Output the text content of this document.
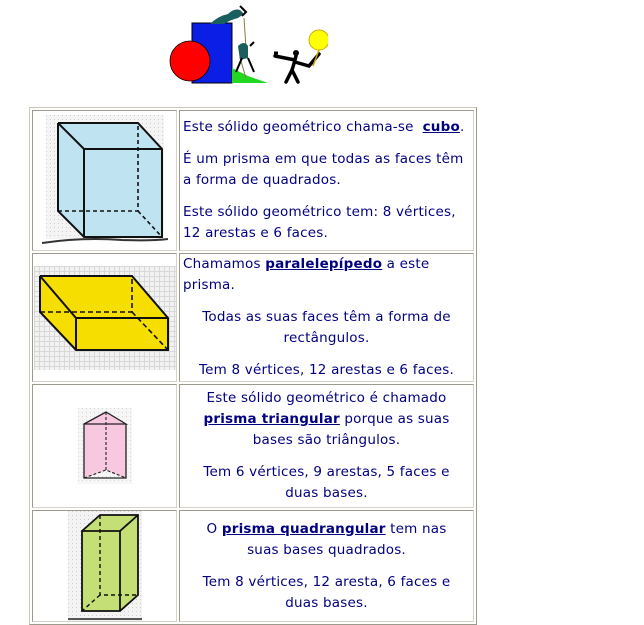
Este sólido geométrico chama-se  cubo.

É um prisma em que todas as faces têm a forma de quadrados.

Este sólido geométrico tem: 8 vértices, 12 arestas e 6 faces.

Chamamos paralelepípedo a este prisma.

Todas as suas faces têm a forma de rectângulos.

Tem 8 vértices, 12 arestas e 6 faces.

Este sólido geométrico é chamado prisma triangular porque as suas bases são triângulos.

Tem 6 vértices, 9 arestas, 5 faces e duas bases.

O prisma quadrangular tem nas suas bases quadrados.

Tem 8 vértices, 12 aresta, 6 faces e duas bases.
